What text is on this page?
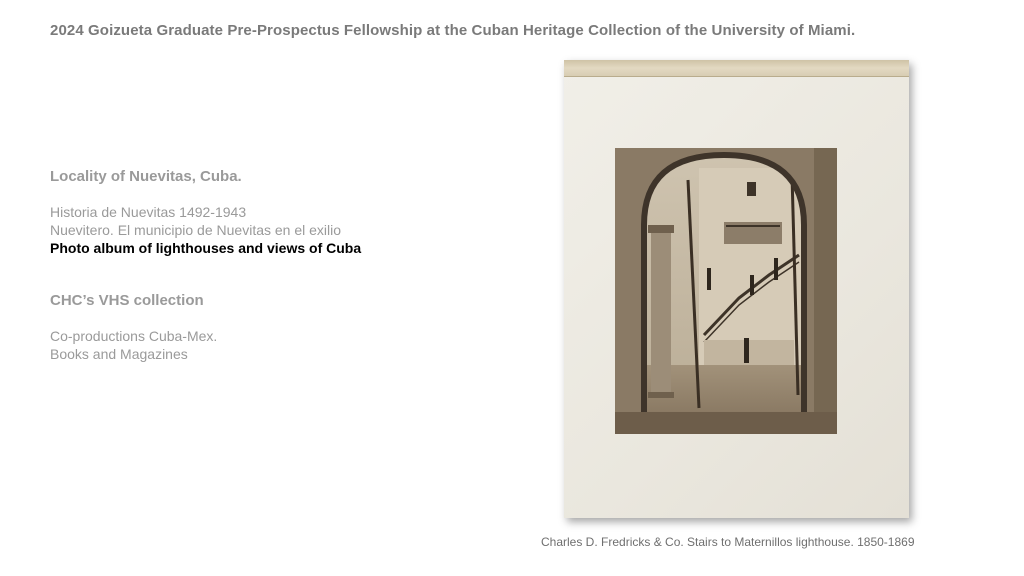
2024 Goizueta Graduate Pre-Prospectus Fellowship at the Cuban Heritage Collection of the University of Miami.
Locality of Nuevitas, Cuba.
Historia de Nuevitas 1492-1943
Nuevitero. El municipio de Nuevitas en el exilio
Photo album of lighthouses and views of Cuba
CHC’s VHS collection
Co-productions Cuba-Mex.
Books and Magazines
Charles D. Fredricks & Co. Stairs to Maternillos lighthouse. 1850-1869
